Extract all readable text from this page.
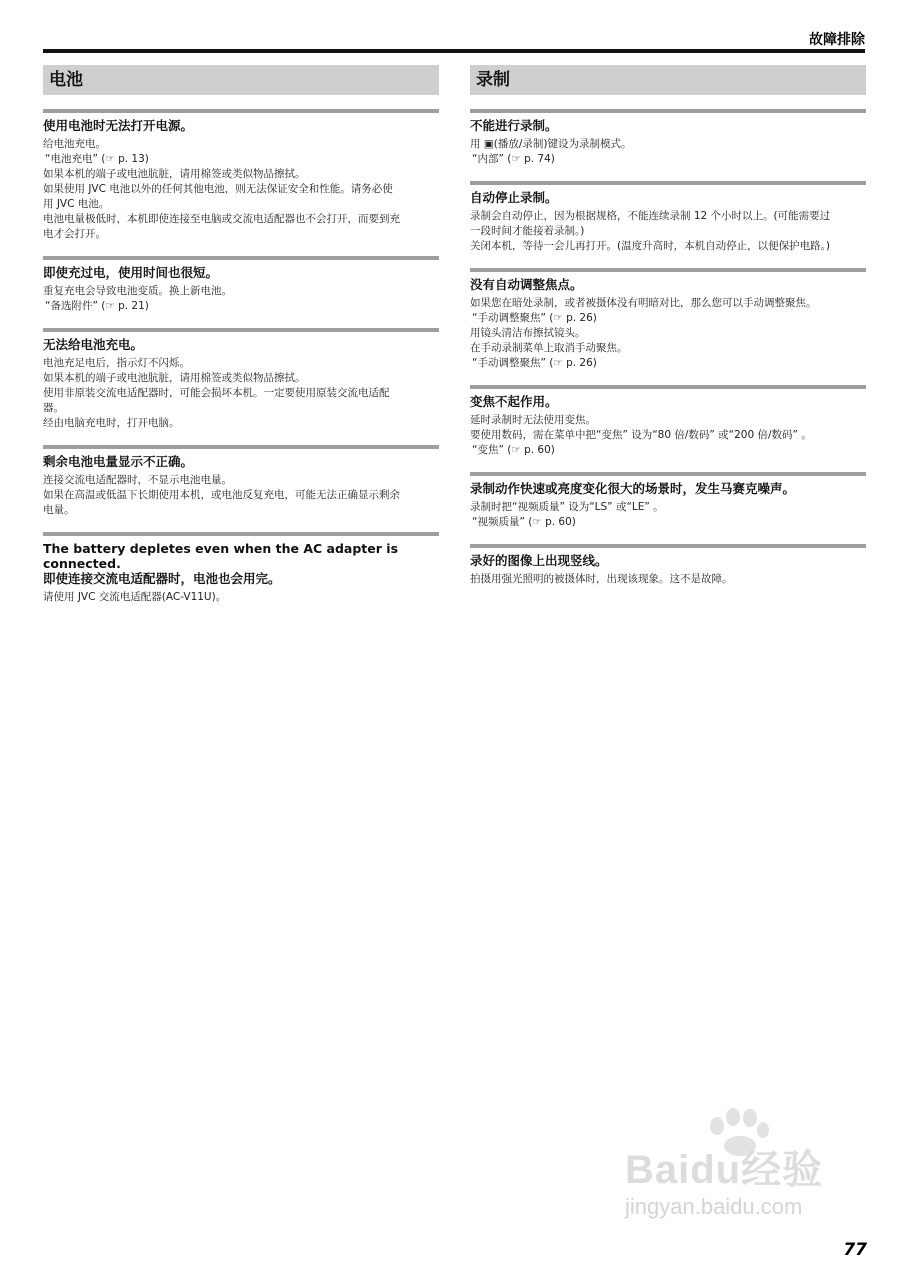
故障排除
电池
使用电池时无法打开电源。
给电池充电。
“电池充电” (☞ p. 13)
如果本机的端子或电池肮脏，请用棉签或类似物品擦拭。
如果使用 JVC 电池以外的任何其他电池，则无法保证安全和性能。请务必使
用 JVC 电池。
电池电量极低时，本机即使连接至电脑或交流电适配器也不会打开，而要到充
电才会打开。
即使充过电，使用时间也很短。
重复充电会导致电池变质。换上新电池。
“备选附件” (☞ p. 21)
无法给电池充电。
电池充足电后，指示灯不闪烁。
如果本机的端子或电池肮脏，请用棉签或类似物品擦拭。
使用非原装交流电适配器时，可能会损坏本机。一定要使用原装交流电适配
器。
经由电脑充电时，打开电脑。
剩余电池电量显示不正确。
连接交流电适配器时，不显示电池电量。
如果在高温或低温下长期使用本机，或电池反复充电，可能无法正确显示剩余
电量。
The battery depletes even when the AC adapter is connected.
即使连接交流电适配器时，电池也会用完。
请使用 JVC 交流电适配器(AC-V11U)。
录制
不能进行录制。
用 ▣(播放/录制)键设为录制模式。
“内部” (☞ p. 74)
自动停止录制。
录制会自动停止，因为根据规格，不能连续录制 12 个小时以上。(可能需要过
一段时间才能接着录制。)
关闭本机，等待一会儿再打开。(温度升高时，本机自动停止，以便保护电路。)
没有自动调整焦点。
如果您在暗处录制，或者被摄体没有明暗对比，那么您可以手动调整聚焦。
“手动调整聚焦” (☞ p. 26)
用镜头清洁布擦拭镜头。
在手动录制菜单上取消手动聚焦。
“手动调整聚焦” (☞ p. 26)
变焦不起作用。
延时录制时无法使用变焦。
要使用数码，需在菜单中把“变焦” 设为“80 倍/数码” 或“200 倍/数码” 。
“变焦” (☞ p. 60)
录制动作快速或亮度变化很大的场景时，发生马赛克噪声。
录制时把“视频质量” 设为“LS” 或“LE” 。
“视频质量” (☞ p. 60)
录好的图像上出现竖线。
拍摄用强光照明的被摄体时，出现该现象。这不是故障。
Baidu经验
jingyan.baidu.com
77
